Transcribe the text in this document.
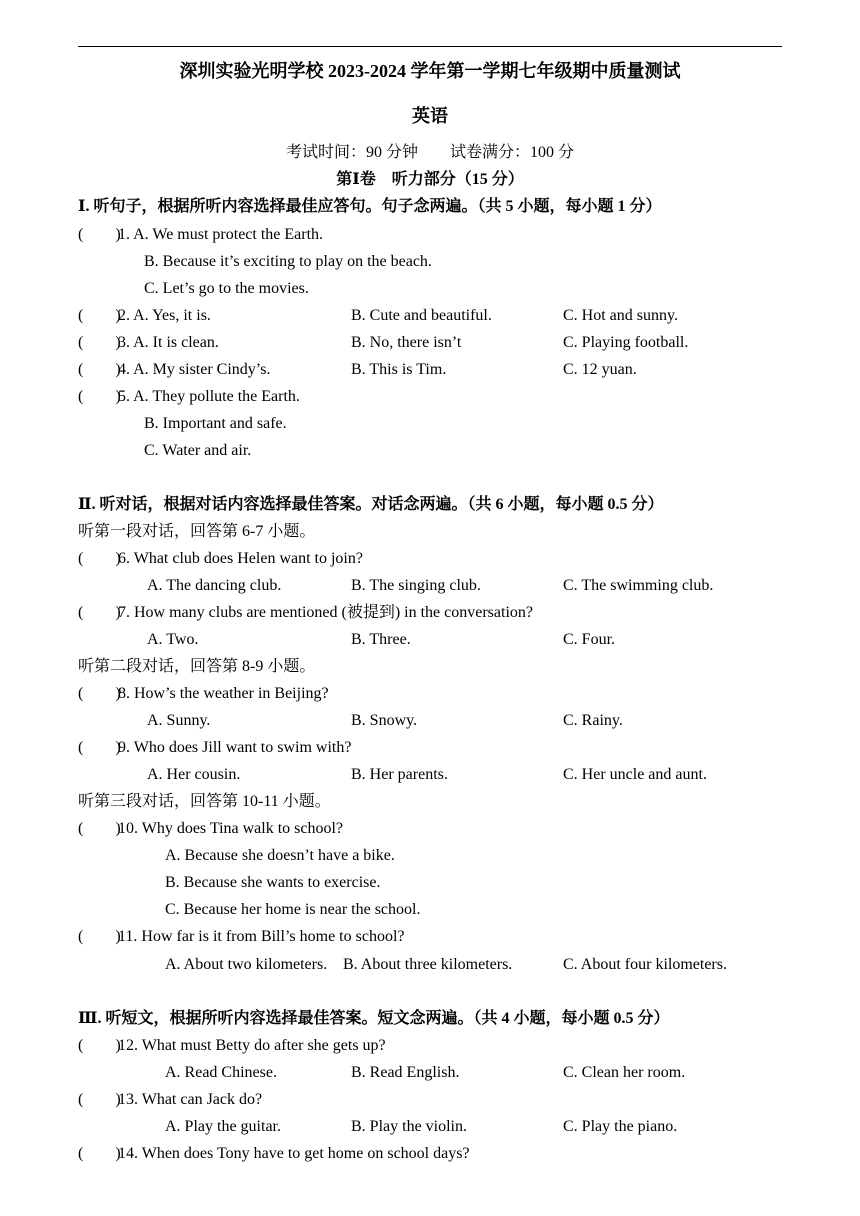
深圳实验光明学校 2023-2024 学年第一学期七年级期中质量测试
英语
考试时间：90 分钟 试卷满分：100 分
第Ⅰ卷　听力部分（15 分）
Ⅰ. 听句子，根据所听内容选择最佳应答句。句子念两遍。（共 5 小题，每小题 1 分）
(　　)1. A. We must protect the Earth.
B. Because it’s exciting to play on the beach.
C. Let’s go to the movies.
(　　)2. A. Yes, it is.	B. Cute and beautiful.	C. Hot and sunny.
(　　)3. A. It is clean.	B. No, there isn’t	C. Playing football.
(　　)4. A. My sister Cindy’s.	B. This is Tim.	C. 12 yuan.
(　　)5. A. They pollute the Earth.
B. Important and safe.
C. Water and air.
Ⅱ. 听对话，根据对话内容选择最佳答案。对话念两遍。（共 6 小题，每小题 0.5 分）
听第一段对话，回答第 6-7 小题。
(　　)6. What club does Helen want to join?
A. The dancing club.	B. The singing club.	C. The swimming club.
(　　)7. How many clubs are mentioned (被提到) in the conversation?
A. Two.	B. Three.	C. Four.
听第二段对话，回答第 8-9 小题。
(　　)8. How’s the weather in Beijing?
A. Sunny.	B. Snowy.	C. Rainy.
(　　)9. Who does Jill want to swim with?
A. Her cousin.	B. Her parents.	C. Her uncle and aunt.
听第三段对话，回答第 10-11 小题。
(　　)10. Why does Tina walk to school?
A. Because she doesn’t have a bike.
B. Because she wants to exercise.
C. Because her home is near the school.
(　　)11. How far is it from Bill’s home to school?
A. About two kilometers. B. About three kilometers.	C. About four kilometers.
Ⅲ. 听短文，根据所听内容选择最佳答案。短文念两遍。（共 4 小题，每小题 0.5 分）
(　　)12. What must Betty do after she gets up?
A. Read Chinese.	B. Read English.	C. Clean her room.
(　　)13. What can Jack do?
A. Play the guitar.	B. Play the violin.	C. Play the piano.
(　　)14. When does Tony have to get home on school days?
